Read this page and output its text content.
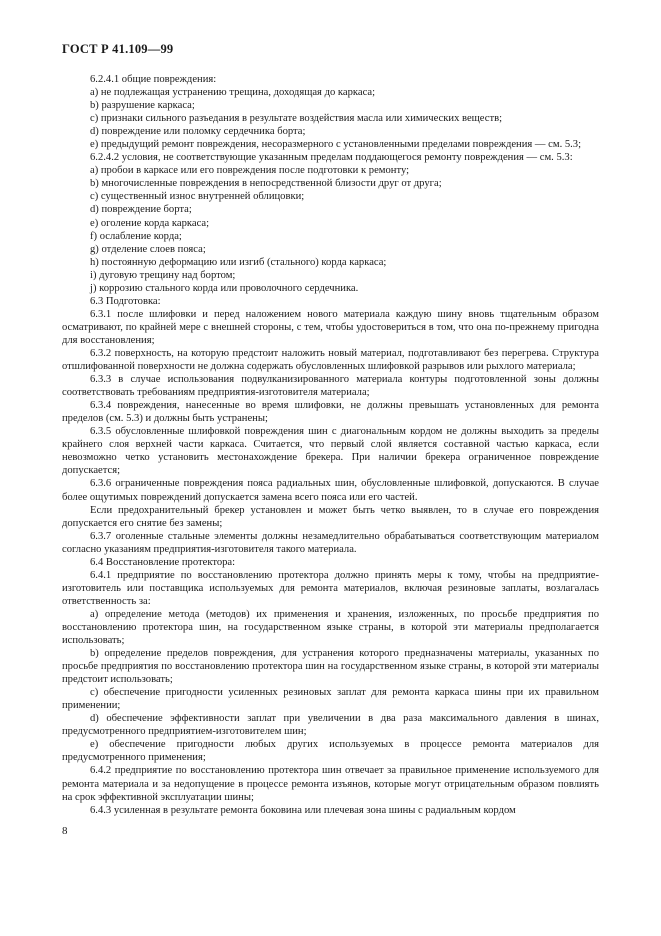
ГОСТ Р 41.109—99

6.2.4.1 общие повреждения:

a) не подлежащая устранению трещина, доходящая до каркаса;

b) разрушение каркаса;

c) признаки сильного разъедания в результате воздействия масла или химических веществ;

d) повреждение или поломку сердечника борта;

e) предыдущий ремонт повреждения, несоразмерного с установленными пределами повреждения — см. 5.3;

6.2.4.2 условия, не соответствующие указанным пределам поддающегося ремонту повреждения — см. 5.3:

a) пробои в каркасе или его повреждения после подготовки к ремонту;

b) многочисленные повреждения в непосредственной близости друг от друга;

c) существенный износ внутренней облицовки;

d) повреждение борта;

e) оголение корда каркаса;

f) ослабление корда;

g) отделение слоев пояса;

h) постоянную деформацию или изгиб (стального) корда каркаса;

i) дуговую трещину над бортом;

j) коррозию стального корда или проволочного сердечника.

6.3 Подготовка:

6.3.1 после шлифовки и перед наложением нового материала каждую шину вновь тщательным образом осматривают, по крайней мере с внешней стороны, с тем, чтобы удостовериться в том, что она по-прежнему пригодна для восстановления;

6.3.2 поверхность, на которую предстоит наложить новый материал, подготавливают без перегрева. Структура отшлифованной поверхности не должна содержать обусловленных шлифовкой разрывов или рыхлого материала;

6.3.3 в случае использования подвулканизированного материала контуры подготовленной зоны должны соответствовать требованиям предприятия-изготовителя материала;

6.3.4 повреждения, нанесенные во время шлифовки, не должны превышать установленных для ремонта пределов (см. 5.3) и должны быть устранены;

6.3.5 обусловленные шлифовкой повреждения шин с диагональным кордом не должны выходить за пределы крайнего слоя верхней части каркаса. Считается, что первый слой является составной частью каркаса, если невозможно четко установить местонахождение брекера. При наличии брекера ограниченное повреждение допускается;

6.3.6 ограниченные повреждения пояса радиальных шин, обусловленные шлифовкой, допускаются. В случае более ощутимых повреждений допускается замена всего пояса или его частей.

Если предохранительный брекер установлен и может быть четко выявлен, то в случае его повреждения допускается его снятие без замены;

6.3.7 оголенные стальные элементы должны незамедлительно обрабатываться соответствующим материалом согласно указаниям предприятия-изготовителя такого материала.

6.4 Восстановление протектора:

6.4.1 предприятие по восстановлению протектора должно принять меры к тому, чтобы на предприятие-изготовитель или поставщика используемых для ремонта материалов, включая резиновые заплаты, возлагалась ответственность за:

a) определение метода (методов) их применения и хранения, изложенных, по просьбе предприятия по восстановлению протектора шин, на государственном языке страны, в которой эти материалы предполагается использовать;

b) определение пределов повреждения, для устранения которого предназначены материалы, указанных по просьбе предприятия по восстановлению протектора шин на государственном языке страны, в которой эти материалы предстоит использовать;

c) обеспечение пригодности усиленных резиновых заплат для ремонта каркаса шины при их правильном применении;

d) обеспечение эффективности заплат при увеличении в два раза максимального давления в шинах, предусмотренного предприятием-изготовителем шин;

e) обеспечение пригодности любых других используемых в процессе ремонта материалов для предусмотренного применения;

6.4.2 предприятие по восстановлению протектора шин отвечает за правильное применение используемого для ремонта материала и за недопущение в процессе ремонта изъянов, которые могут отрицательным образом повлиять на срок эффективной эксплуатации шины;

6.4.3 усиленная в результате ремонта боковина или плечевая зона шины с радиальным кордом

8
